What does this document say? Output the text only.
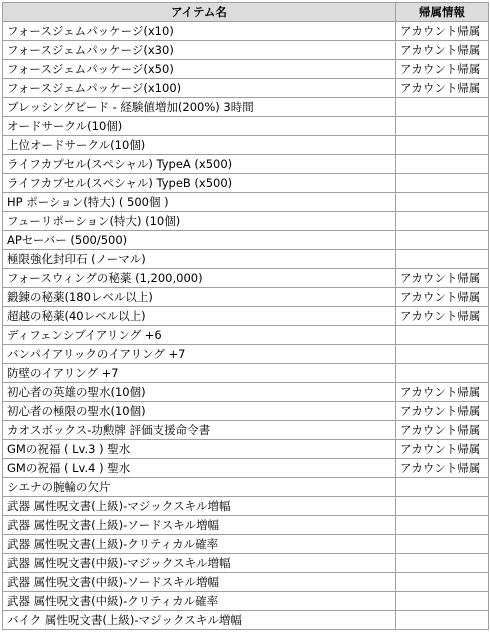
アイテム名	帰属情報
フォースジェムパッケージ(x10)	アカウント帰属
フォースジェムパッケージ(x30)	アカウント帰属
フォースジェムパッケージ(x50)	アカウント帰属
フォースジェムパッケージ(x100)	アカウント帰属
ブレッシングビード - 経験値増加(200%) 3時間	
オードサークル(10個)	
上位オードサークル(10個)	
ライフカプセル(スペシャル) TypeA (x500)	
ライフカプセル(スペシャル) TypeB (x500)	
HP ポーション(特大) ( 500個 )	
フューリポーション(特大) (10個)	
APセーバー (500/500)	
極限強化封印石 (ノーマル)	
フォースウィングの秘薬 (1,200,000)	アカウント帰属
鍛錬の秘薬(180レベル以上)	アカウント帰属
超越の秘薬(40レベル以上)	アカウント帰属
ディフェンシブイアリング +6	
バンパイアリックのイアリング +7	
防壁のイアリング +7	
初心者の英雄の聖水(10個)	アカウント帰属
初心者の極限の聖水(10個)	アカウント帰属
カオスボックス-功勲牌 評価支援命令書	アカウント帰属
GMの祝福 ( Lv.3 ) 聖水	アカウント帰属
GMの祝福 ( Lv.4 ) 聖水	アカウント帰属
シエナの腕輪の欠片	
武器 属性呪文書(上級)-マジックスキル増幅	
武器 属性呪文書(上級)-ソードスキル増幅	
武器 属性呪文書(上級)-クリティカル確率	
武器 属性呪文書(中級)-マジックスキル増幅	
武器 属性呪文書(中級)-ソードスキル増幅	
武器 属性呪文書(中級)-クリティカル確率	
バイク 属性呪文書(上級)-マジックスキル増幅	
